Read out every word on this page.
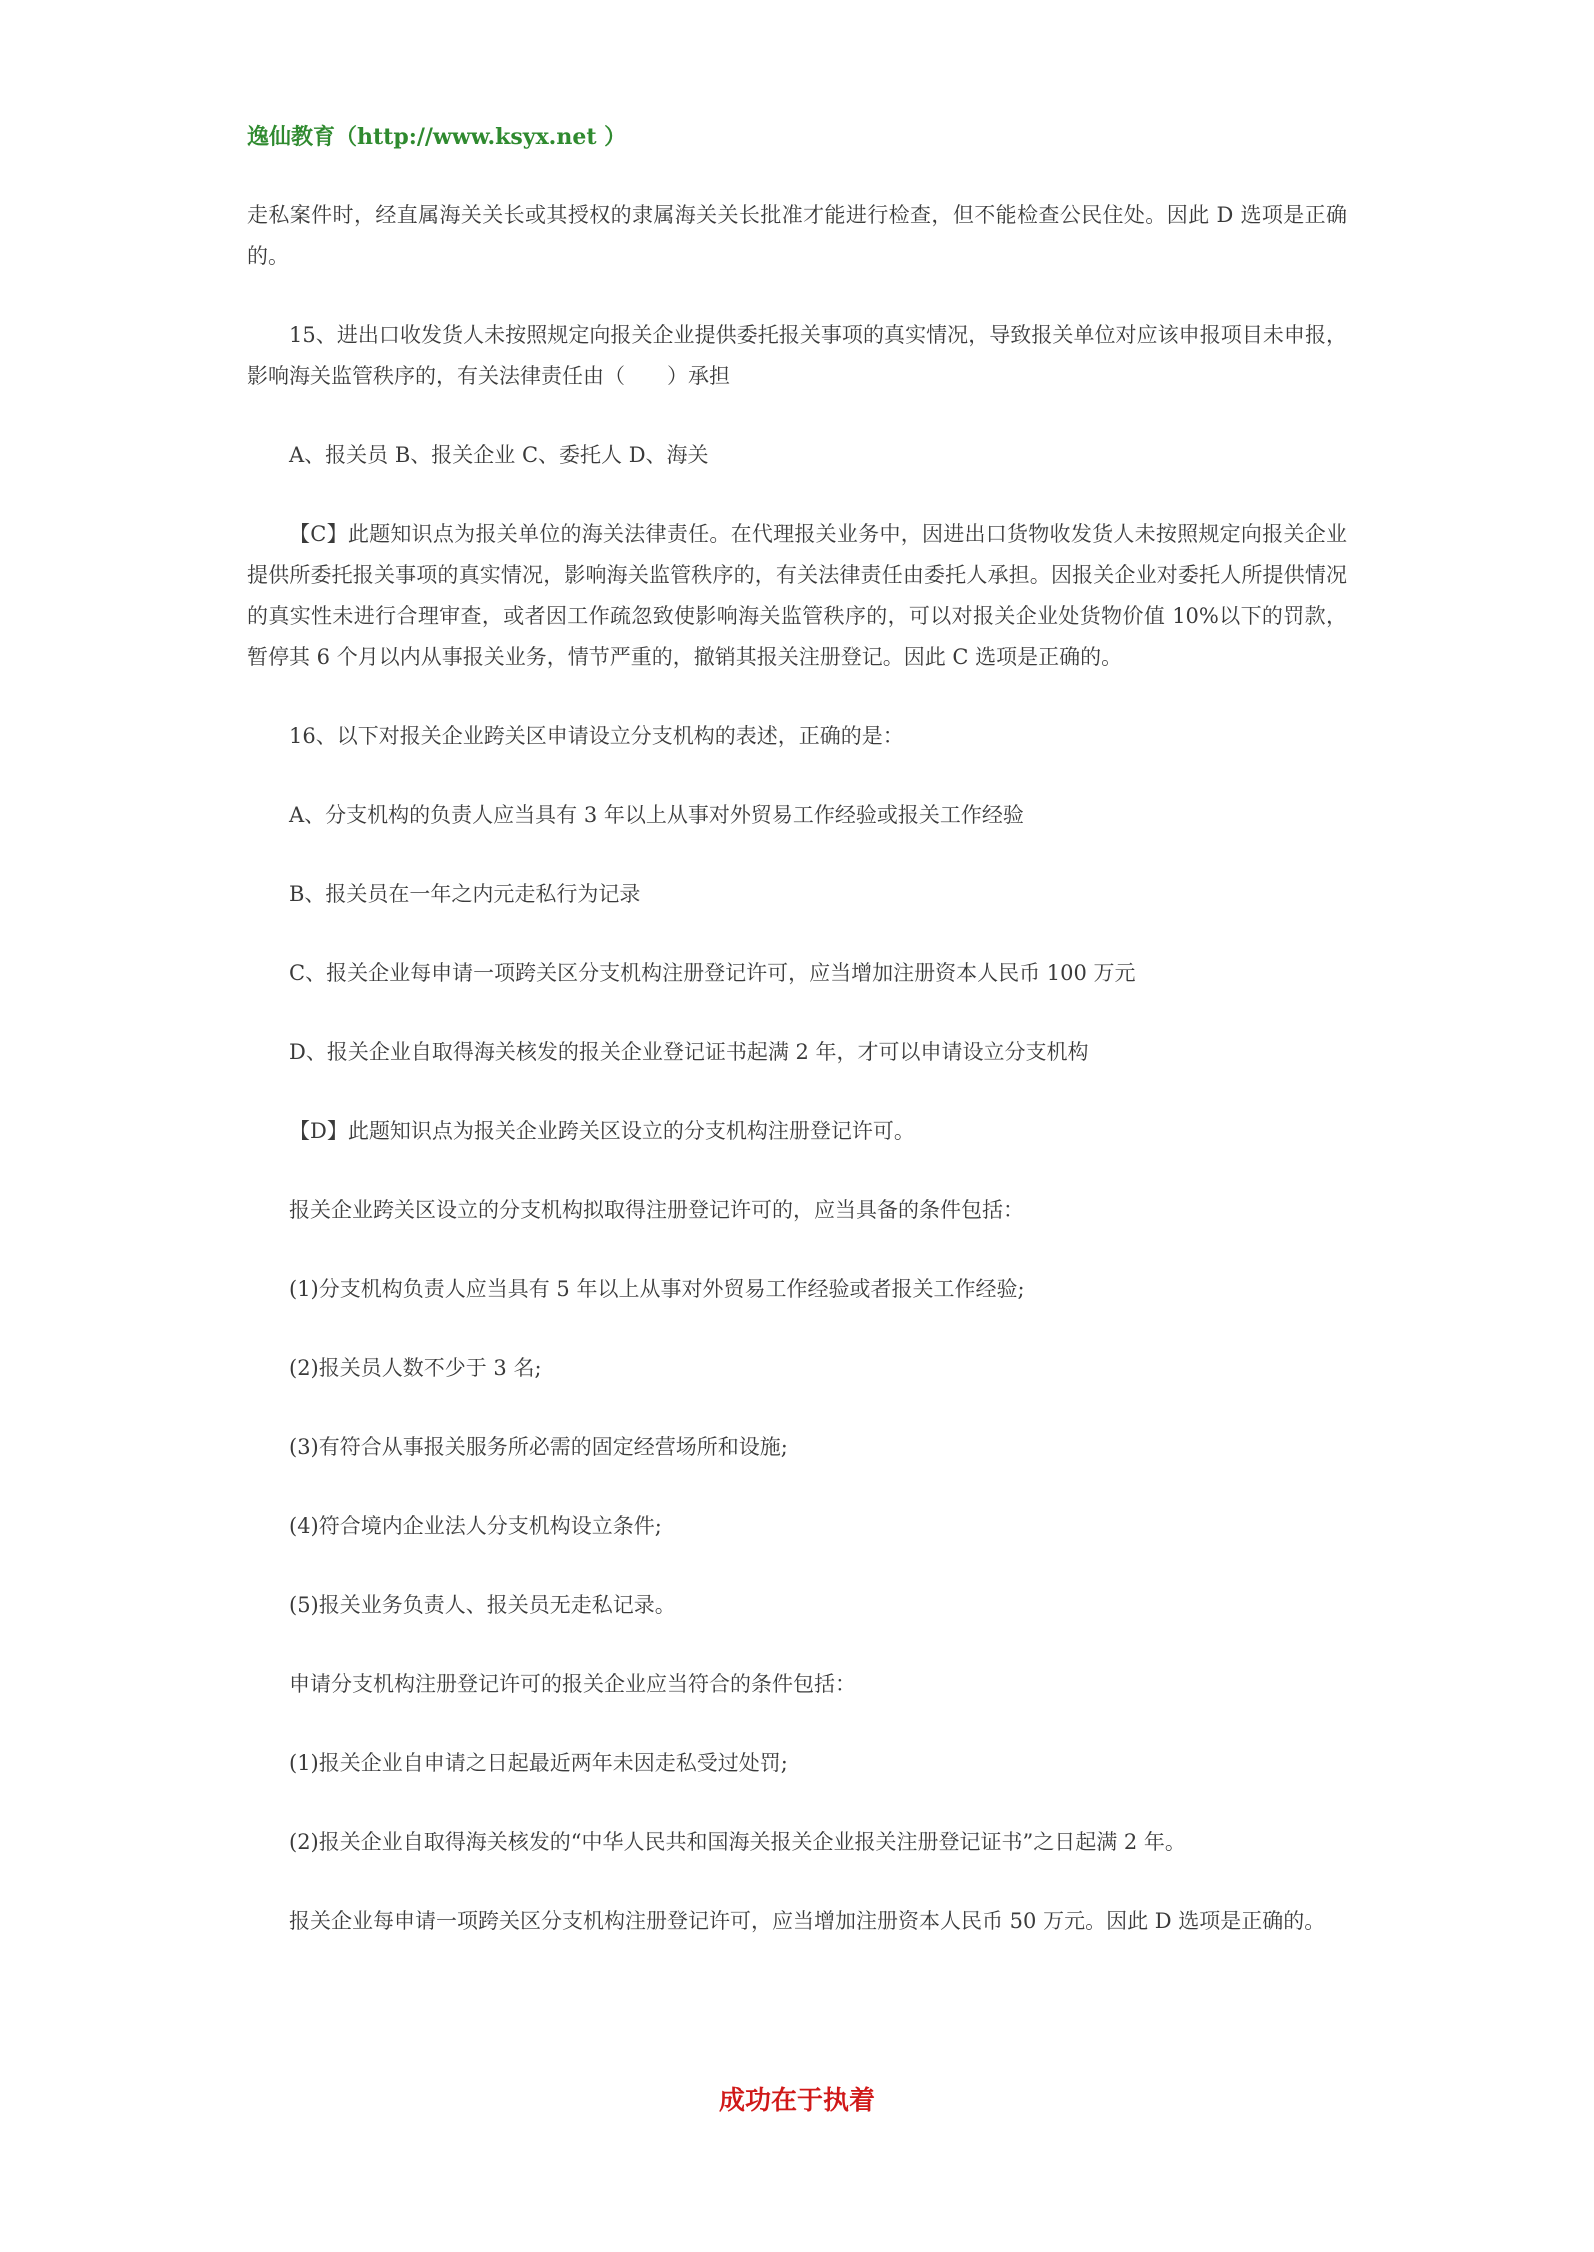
逸仙教育（http://www.ksyx.net ）

走私案件时，经直属海关关长或其授权的隶属海关关长批准才能进行检查，但不能检查公民住处。因此 D 选项是正确的。

15、进出口收发货人未按照规定向报关企业提供委托报关事项的真实情况，导致报关单位对应该申报项目未申报，影响海关监管秩序的，有关法律责任由（　　）承担

A、报关员 B、报关企业 C、委托人 D、海关

【C】此题知识点为报关单位的海关法律责任。在代理报关业务中，因进出口货物收发货人未按照规定向报关企业提供所委托报关事项的真实情况，影响海关监管秩序的，有关法律责任由委托人承担。因报关企业对委托人所提供情况的真实性未进行合理审查，或者因工作疏忽致使影响海关监管秩序的，可以对报关企业处货物价值 10%以下的罚款，暂停其 6 个月以内从事报关业务，情节严重的，撤销其报关注册登记。因此 C 选项是正确的。

16、以下对报关企业跨关区申请设立分支机构的表述，正确的是：

A、分支机构的负责人应当具有 3 年以上从事对外贸易工作经验或报关工作经验

B、报关员在一年之内元走私行为记录

C、报关企业每申请一项跨关区分支机构注册登记许可，应当增加注册资本人民币 100 万元

D、报关企业自取得海关核发的报关企业登记证书起满 2 年，才可以申请设立分支机构

【D】此题知识点为报关企业跨关区设立的分支机构注册登记许可。

报关企业跨关区设立的分支机构拟取得注册登记许可的，应当具备的条件包括：

(1)分支机构负责人应当具有 5 年以上从事对外贸易工作经验或者报关工作经验;

(2)报关员人数不少于 3 名;

(3)有符合从事报关服务所必需的固定经营场所和设施;

(4)符合境内企业法人分支机构设立条件;

(5)报关业务负责人、报关员无走私记录。

申请分支机构注册登记许可的报关企业应当符合的条件包括：

(1)报关企业自申请之日起最近两年未因走私受过处罚;

(2)报关企业自取得海关核发的“中华人民共和国海关报关企业报关注册登记证书”之日起满 2 年。

报关企业每申请一项跨关区分支机构注册登记许可，应当增加注册资本人民币 50 万元。因此 D 选项是正确的。

成功在于执着
